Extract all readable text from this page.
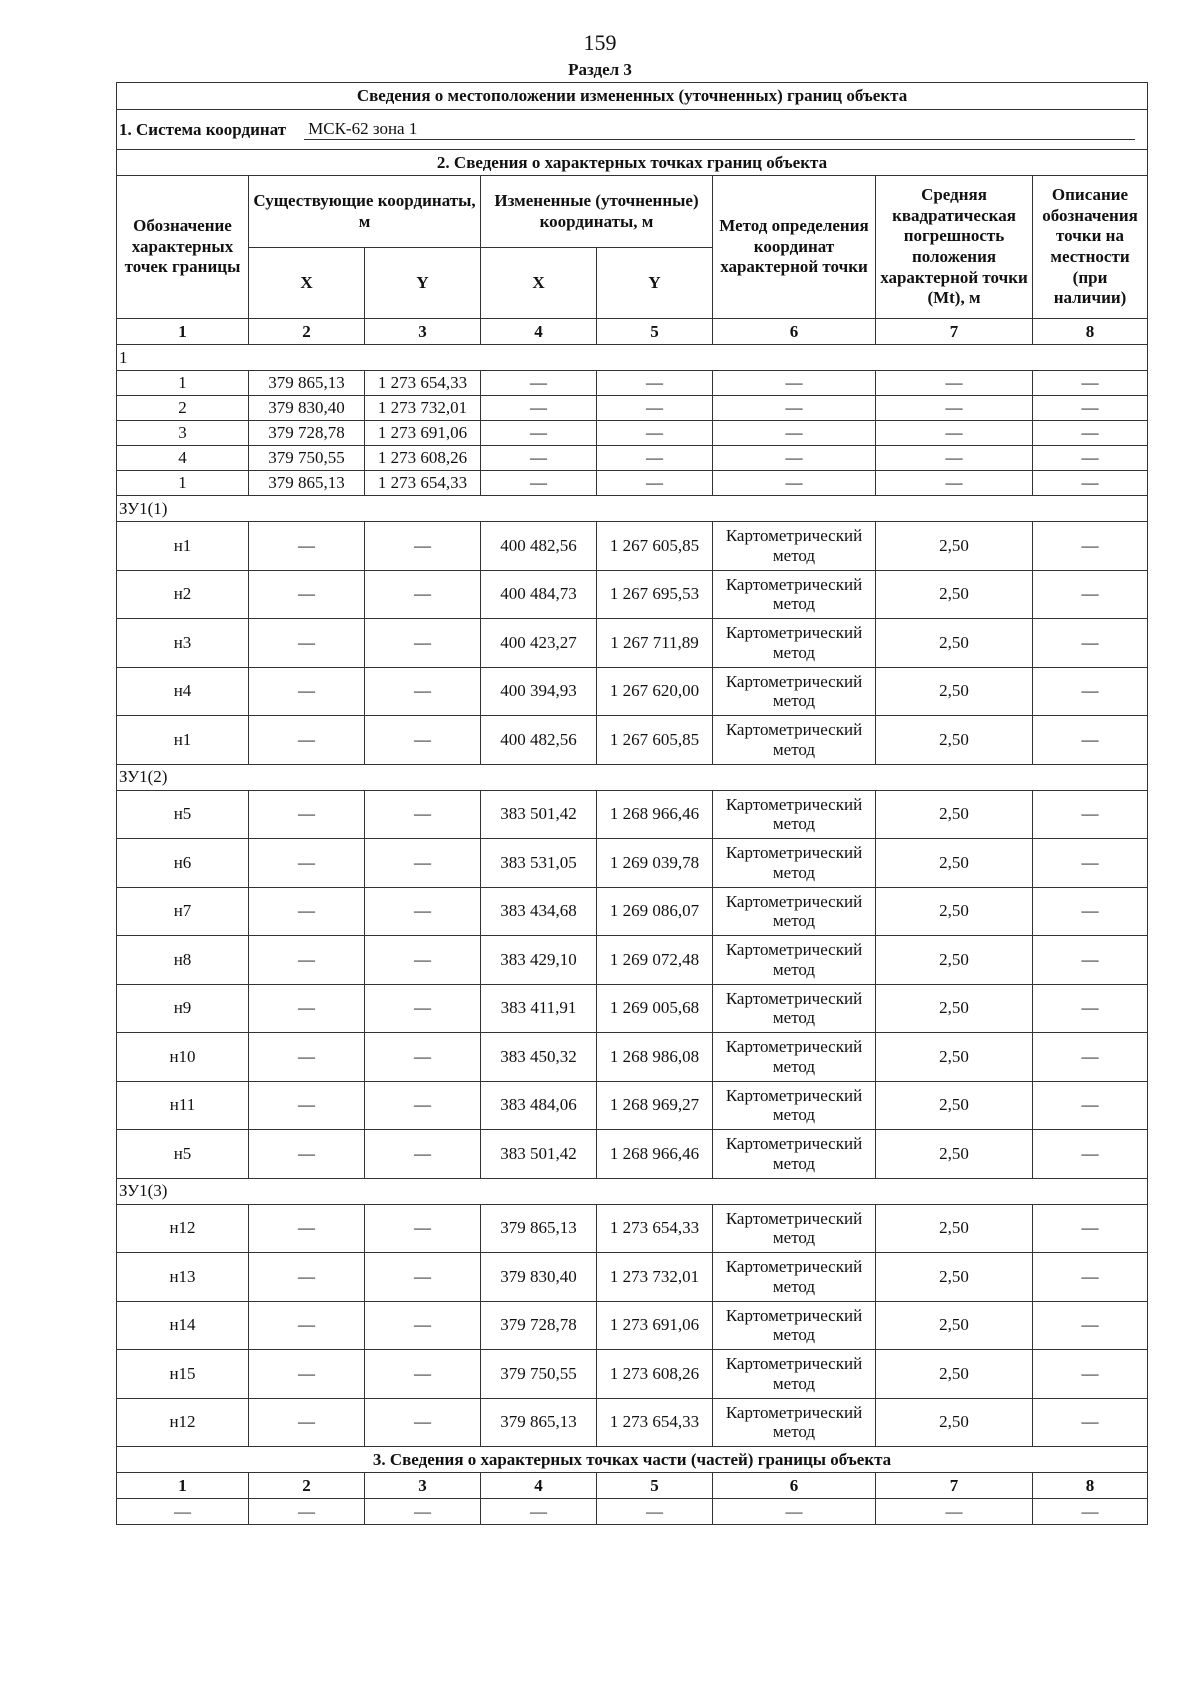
159
Раздел 3
Сведения о местоположении измененных (уточненных) границ объекта							

1. Система координат МСК-62 зона 1							

2. Сведения о характерных точках границ объекта							
Обозначение характерных точек границы	Существующие координаты, м		Измененные (уточненные) координаты, м		Метод определения координат характерной точки	Средняя квадратическая погрешность положения характерной точки (Mt), м	Описание обозначения точки на местности (при наличии)
	X	Y	X	Y			
1	2	3	4	5	6	7	8
1							
1	379 865,13	1 273 654,33	—	—	—	—	—
2	379 830,40	1 273 732,01	—	—	—	—	—
3	379 728,78	1 273 691,06	—	—	—	—	—
4	379 750,55	1 273 608,26	—	—	—	—	—
1	379 865,13	1 273 654,33	—	—	—	—	—
ЗУ1(1)							
н1	—	—	400 482,56	1 267 605,85	Картометрический метод	2,50	—
н2	—	—	400 484,73	1 267 695,53	Картометрический метод	2,50	—
н3	—	—	400 423,27	1 267 711,89	Картометрический метод	2,50	—
н4	—	—	400 394,93	1 267 620,00	Картометрический метод	2,50	—
н1	—	—	400 482,56	1 267 605,85	Картометрический метод	2,50	—
ЗУ1(2)							
н5	—	—	383 501,42	1 268 966,46	Картометрический метод	2,50	—
н6	—	—	383 531,05	1 269 039,78	Картометрический метод	2,50	—
н7	—	—	383 434,68	1 269 086,07	Картометрический метод	2,50	—
н8	—	—	383 429,10	1 269 072,48	Картометрический метод	2,50	—
н9	—	—	383 411,91	1 269 005,68	Картометрический метод	2,50	—
н10	—	—	383 450,32	1 268 986,08	Картометрический метод	2,50	—
н11	—	—	383 484,06	1 268 969,27	Картометрический метод	2,50	—
н5	—	—	383 501,42	1 268 966,46	Картометрический метод	2,50	—
ЗУ1(3)							
н12	—	—	379 865,13	1 273 654,33	Картометрический метод	2,50	—
н13	—	—	379 830,40	1 273 732,01	Картометрический метод	2,50	—
н14	—	—	379 728,78	1 273 691,06	Картометрический метод	2,50	—
н15	—	—	379 750,55	1 273 608,26	Картометрический метод	2,50	—
н12	—	—	379 865,13	1 273 654,33	Картометрический метод	2,50	—
3. Сведения о характерных точках части (частей) границы объекта							
1	2	3	4	5	6	7	8
—	—	—	—	—	—	—	—
